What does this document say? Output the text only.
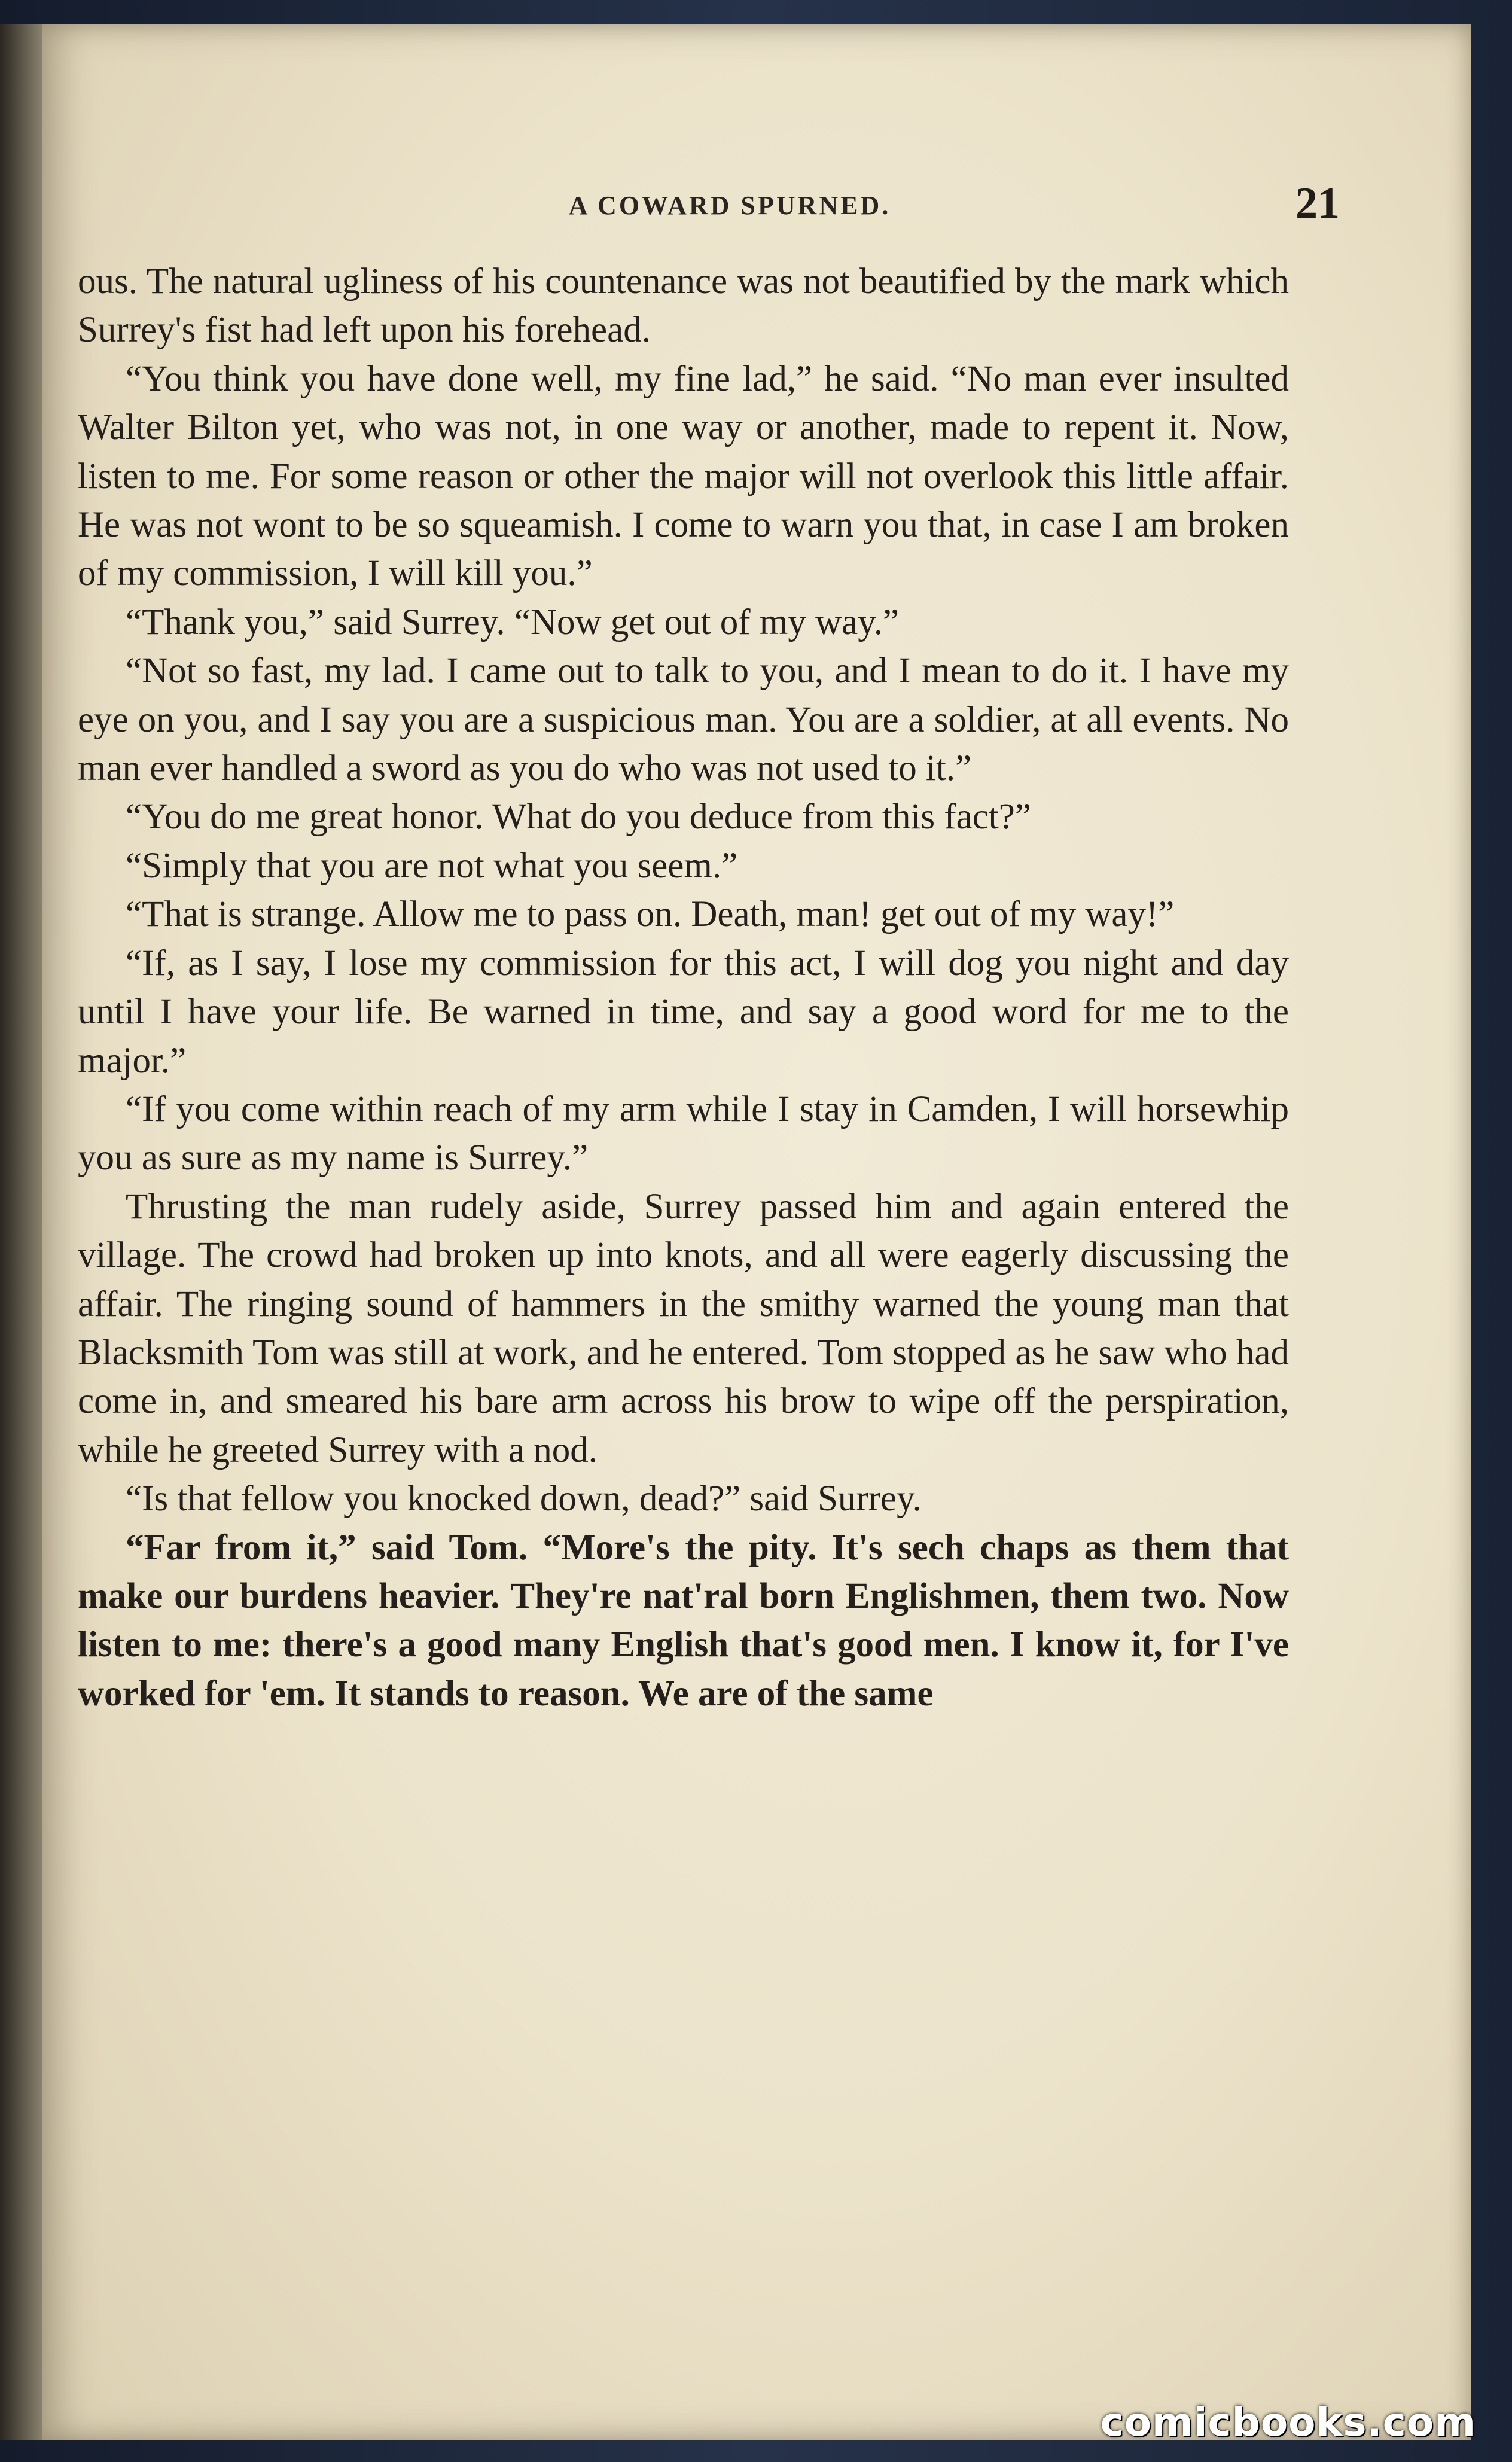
A COWARD SPURNED.	21

ous. The natural ugliness of his countenance was not beautified by the mark which Surrey's fist had left upon his forehead.

“You think you have done well, my fine lad,” he said. “No man ever insulted Walter Bilton yet, who was not, in one way or another, made to repent it. Now, listen to me. For some reason or other the major will not overlook this little affair. He was not wont to be so squeamish. I come to warn you that, in case I am broken of my commission, I will kill you.”

“Thank you,” said Surrey. “Now get out of my way.”

“Not so fast, my lad. I came out to talk to you, and I mean to do it. I have my eye on you, and I say you are a suspicious man. You are a soldier, at all events. No man ever handled a sword as you do who was not used to it.”

“You do me great honor. What do you deduce from this fact?”

“Simply that you are not what you seem.”

“That is strange. Allow me to pass on. Death, man! get out of my way!”

“If, as I say, I lose my commission for this act, I will dog you night and day until I have your life. Be warned in time, and say a good word for me to the major.”

“If you come within reach of my arm while I stay in Camden, I will horsewhip you as sure as my name is Surrey.”

Thrusting the man rudely aside, Surrey passed him and again entered the village. The crowd had broken up into knots, and all were eagerly discussing the affair. The ringing sound of hammers in the smithy warned the young man that Blacksmith Tom was still at work, and he entered. Tom stopped as he saw who had come in, and smeared his bare arm across his brow to wipe off the perspiration, while he greeted Surrey with a nod.

“Is that fellow you knocked down, dead?” said Surrey.

“Far from it,” said Tom. “More's the pity. It's sech chaps as them that make our burdens heavier. They're nat'ral born Englishmen, them two. Now listen to me: there's a good many English that's good men. I know it, for I've worked for 'em. It stands to reason. We are of the same

comicbooks.com
